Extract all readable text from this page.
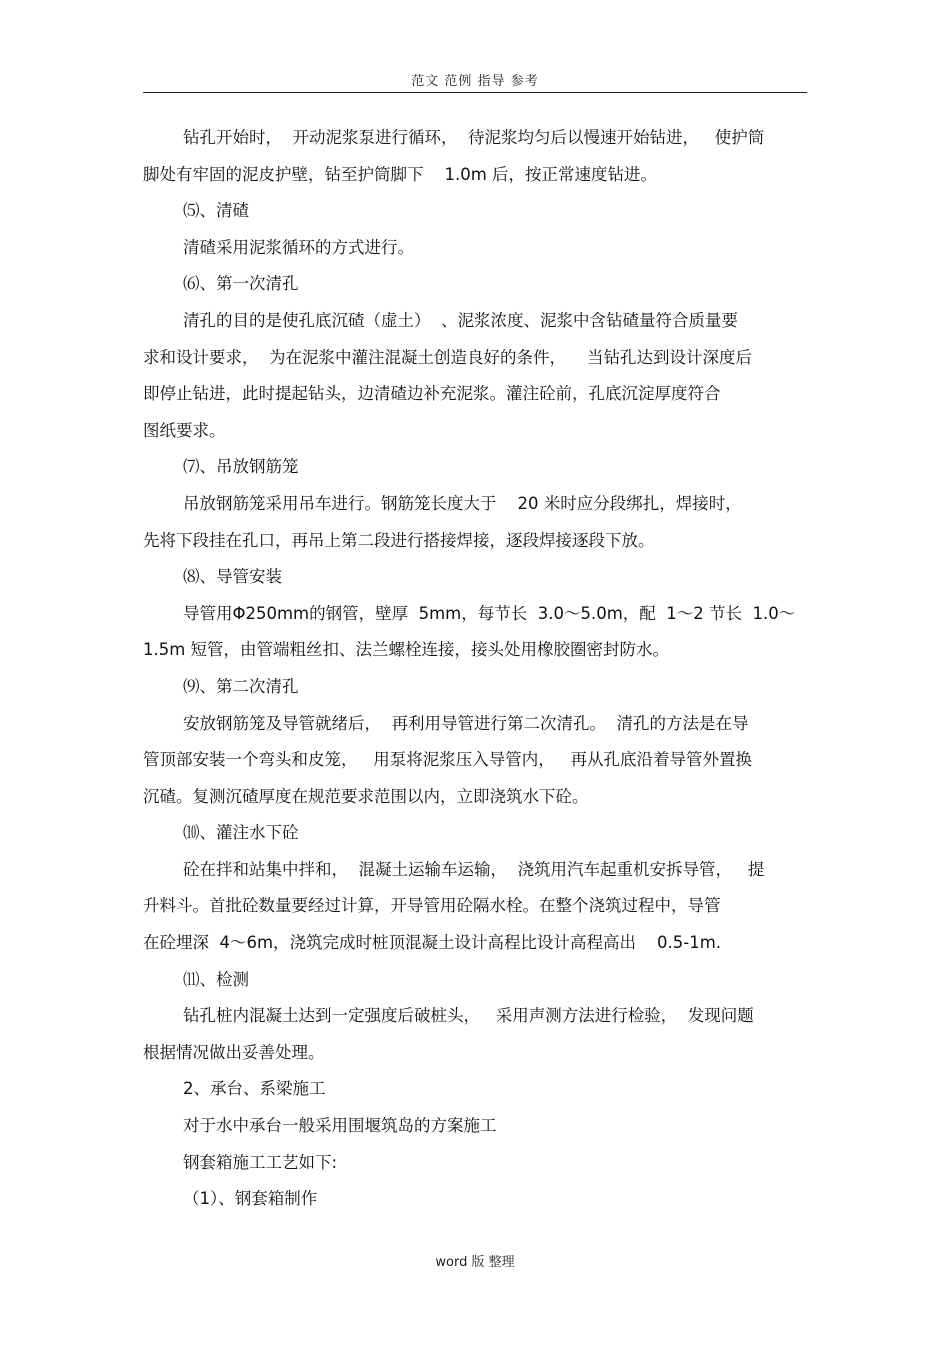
范文 范例 指导 参考
钻孔开始时，  开动泥浆泵进行循环，  待泥浆均匀后以慢速开始钻进，   使护筒
脚处有牢固的泥皮护壁，钻至护筒脚下    1.0m 后，按正常速度钻进。
⑸、清碴
清碴采用泥浆循环的方式进行。
⑹、第一次清孔
清孔的目的是使孔底沉碴（虚土）  、泥浆浓度、泥浆中含钻碴量符合质量要
求和设计要求，  为在泥浆中灌注混凝土创造良好的条件，    当钻孔达到设计深度后
即停止钻进，此时提起钻头，边清碴边补充泥浆。灌注砼前，孔底沉淀厚度符合
图纸要求。
⑺、吊放钢筋笼
吊放钢筋笼采用吊车进行。钢筋笼长度大于    20 米时应分段绑扎，焊接时，
先将下段挂在孔口，再吊上第二段进行搭接焊接，逐段焊接逐段下放。
⑻、导管安装
导管用Φ250mm的钢管，壁厚  5mm，每节长  3.0～5.0m，配  1～2 节长  1.0～
1.5m 短管，由管端粗丝扣、法兰螺栓连接，接头处用橡胶圈密封防水。
⑼、第二次清孔
安放钢筋笼及导管就绪后，  再利用导管进行第二次清孔。  清孔的方法是在导
管顶部安装一个弯头和皮笼，   用泵将泥浆压入导管内，   再从孔底沿着导管外置换
沉碴。复测沉碴厚度在规范要求范围以内，立即浇筑水下砼。
⑽、灌注水下砼
砼在拌和站集中拌和，  混凝土运输车运输，  浇筑用汽车起重机安拆导管，   提
升料斗。首批砼数量要经过计算，开导管用砼隔水栓。在整个浇筑过程中，导管
在砼埋深  4～6m，浇筑完成时桩顶混凝土设计高程比设计高程高出    0.5-1m.
⑾、检测
钻孔桩内混凝土达到一定强度后破桩头，   采用声测方法进行检验，  发现问题
根据情况做出妥善处理。
2、承台、系梁施工
对于水中承台一般采用围堰筑岛的方案施工
钢套箱施工工艺如下:
（1）、钢套箱制作
word 版 整理
